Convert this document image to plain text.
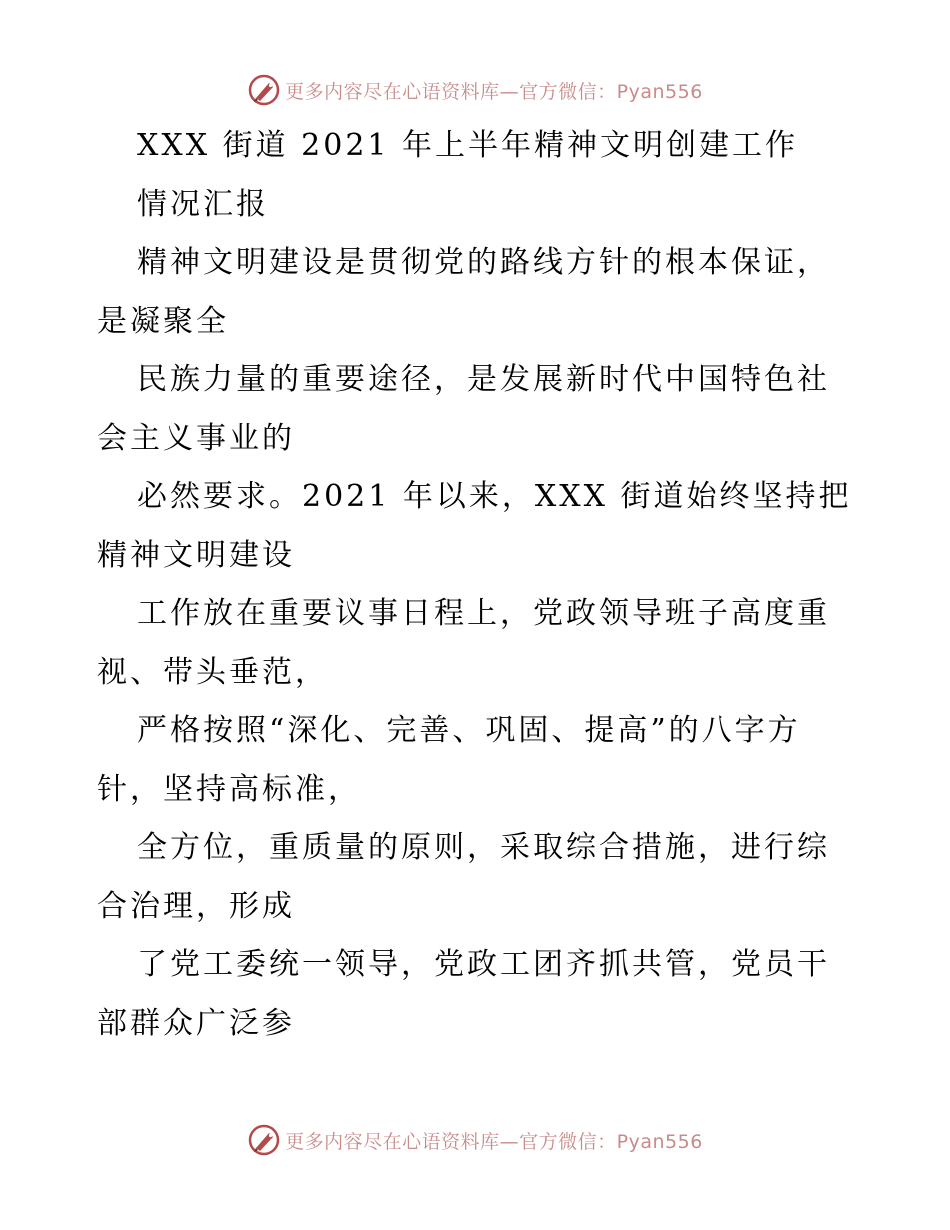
更多内容尽在心语资料库—官方微信：Pyan556
XXX 街道 2021 年上半年精神文明创建工作
情况汇报
精神文明建设是贯彻党的路线方针的根本保证，
是凝聚全
民族力量的重要途径，是发展新时代中国特色社
会主义事业的
必然要求。2021 年以来，XXX 街道始终坚持把
精神文明建设
工作放在重要议事日程上，党政领导班子高度重
视、带头垂范，
严格按照“深化、完善、巩固、提高”的八字方
针，坚持高标准，
全方位，重质量的原则，采取综合措施，进行综
合治理，形成
了党工委统一领导，党政工团齐抓共管，党员干
部群众广泛参
更多内容尽在心语资料库—官方微信：Pyan556
